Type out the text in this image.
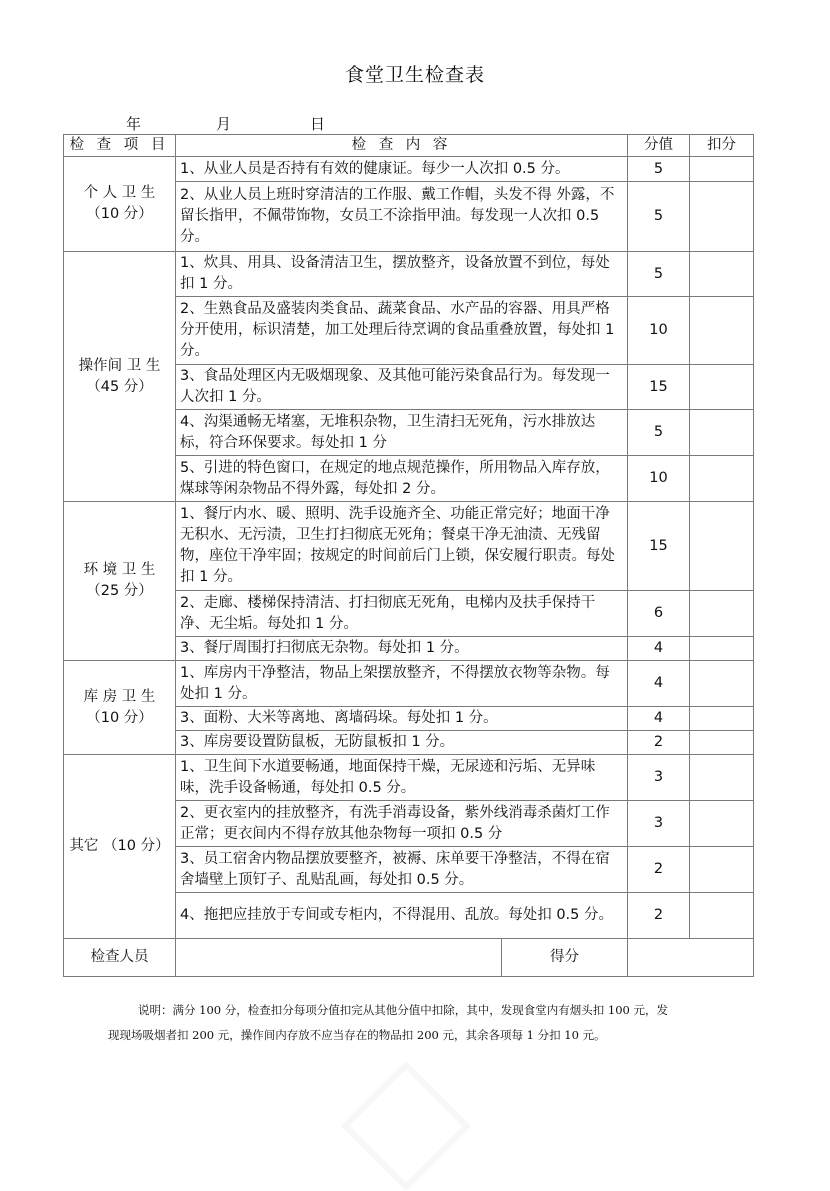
食堂卫生检查表
年	月	日
检 查 项 目	检 查 内 容		分值	扣分

个 人 卫 生
（10 分）	1、从业人员是否持有有效的健康证。每少一人次扣 0.5 分。		5	
	2、从业人员上班时穿清洁的工作服、戴工作帽，头发不得 外露，不留长指甲，不佩带饰物，女员工不涂指甲油。每发现一人次扣 0.5 分。		5	

操作间 卫 生
（45 分）	1、炊具、用具、设备清洁卫生，摆放整齐，设备放置不到位，每处扣 1 分。		5	
	2、生熟食品及盛装肉类食品、蔬菜食品、水产品的容器、用具严格分开使用，标识清楚，加工处理后待烹调的食品重叠放置，每处扣 1 分。		10	
	3、食品处理区内无吸烟现象、及其他可能污染食品行为。每发现一人次扣 1 分。		15	
	4、沟渠通畅无堵塞，无堆积杂物，卫生清扫无死角，污水排放达标，符合环保要求。每处扣 1 分		5	
	5、引进的特色窗口，在规定的地点规范操作，所用物品入库存放，煤球等闲杂物品不得外露，每处扣 2 分。		10	

环 境 卫 生
（25 分）	1、餐厅内水、暖、照明、洗手设施齐全、功能正常完好；地面干净无积水、无污渍，卫生打扫彻底无死角；餐桌干净无油渍、无残留物，座位干净牢固；按规定的时间前后门上锁，保安履行职责。每处扣 1 分。		15	
	2、走廊、楼梯保持清洁、打扫彻底无死角，电梯内及扶手保持干净、无尘垢。每处扣 1 分。		6	
	3、餐厅周围打扫彻底无杂物。每处扣 1 分。		4	

库 房 卫 生
（10 分）	1、库房内干净整洁，物品上架摆放整齐，不得摆放衣物等杂物。每处扣 1 分。		4	
	3、面粉、大米等离地、离墙码垛。每处扣 1 分。		4	
	3、库房要设置防鼠板，无防鼠板扣 1 分。		2	

其它 （10 分）	1、卫生间下水道要畅通，地面保持干燥，无尿迹和污垢、无异味味，洗手设备畅通，每处扣 0.5 分。		3	
	2、更衣室内的挂放整齐，有洗手消毒设备，紫外线消毒杀菌灯工作正常；更衣间内不得存放其他杂物每一项扣 0.5 分		3	
	3、员工宿舍内物品摆放要整齐，被褥、床单要干净整洁，不得在宿舍墙壁上顶钉子、乱贴乱画，每处扣 0.5 分。		2	
	4、拖把应挂放于专间或专柜内，不得混用、乱放。每处扣 0.5 分。		2	
检查人员		得分		
说明：满分 100 分，检查扣分每项分值扣完从其他分值中扣除，其中，发现食堂内有烟头扣 100 元，发
现现场吸烟者扣 200 元，操作间内存放不应当存在的物品扣 200 元，其余各项每 1 分扣 10 元。
